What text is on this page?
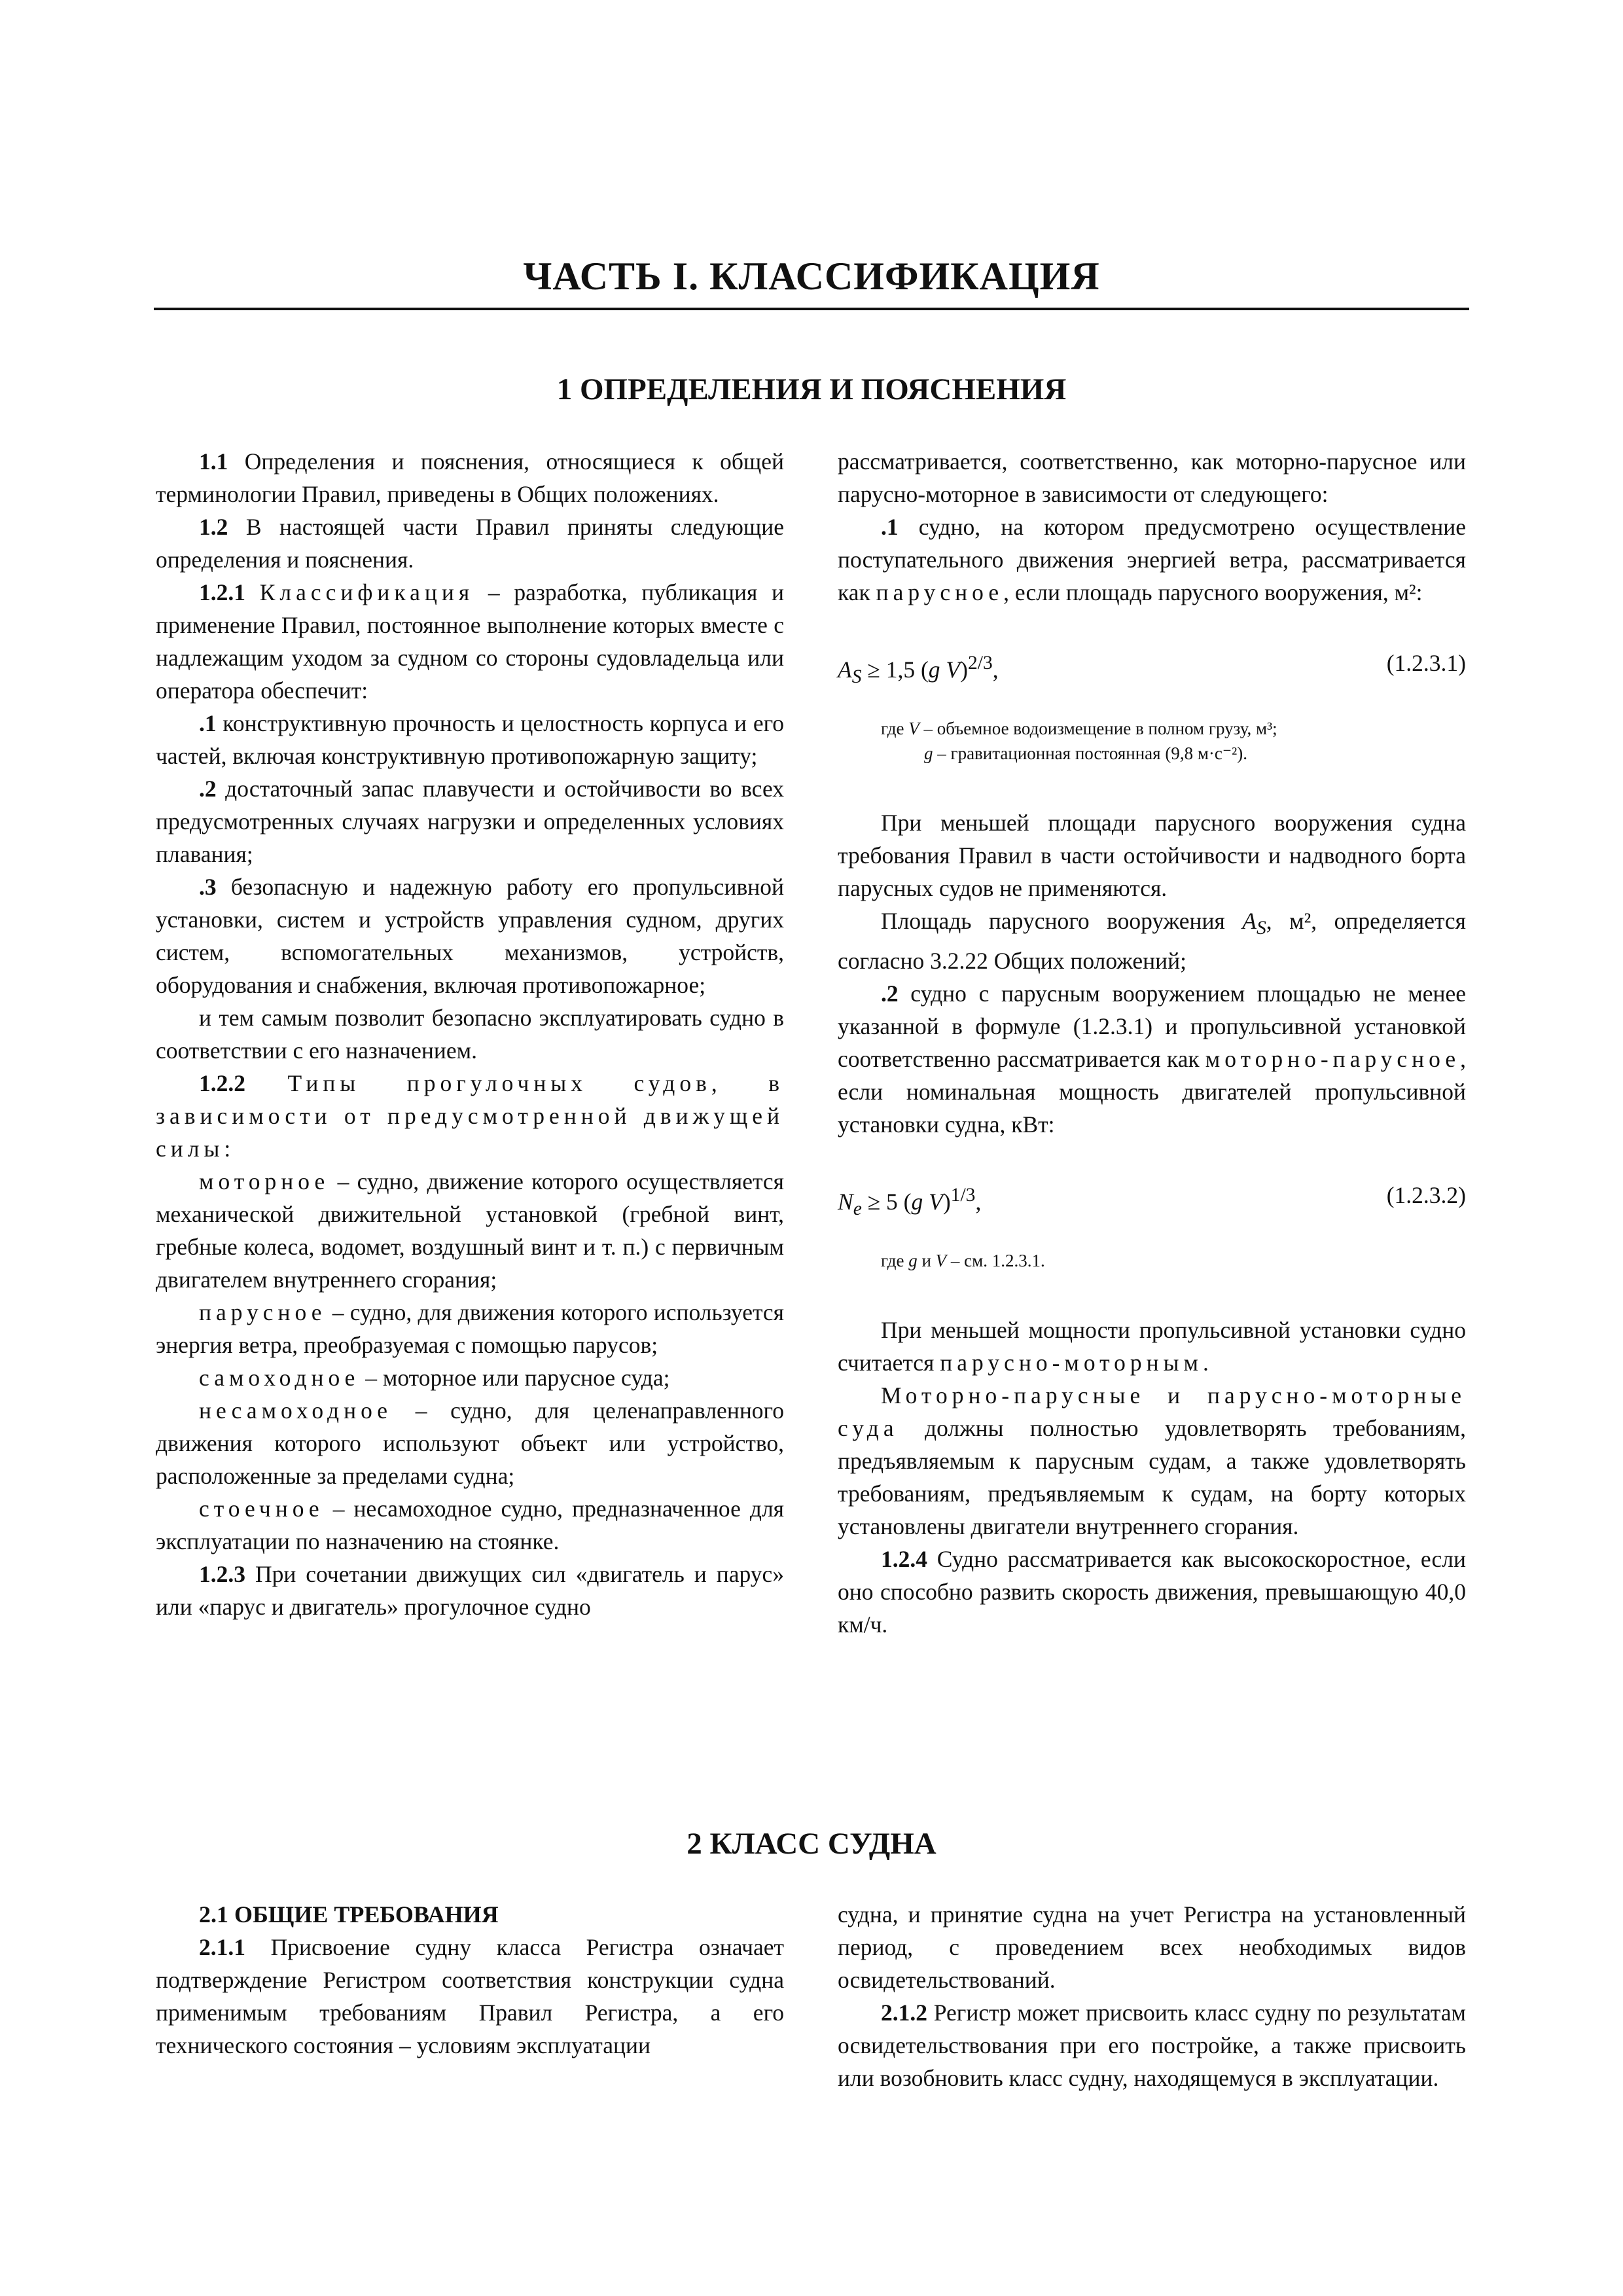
ЧАСТЬ I. КЛАССИФИКАЦИЯ
1 ОПРЕДЕЛЕНИЯ И ПОЯСНЕНИЯ

1.1 Определения и пояснения, относящиеся к общей терминологии Правил, приведены в Общих положениях.

1.2 В настоящей части Правил приняты следующие определения и пояснения.

1.2.1 Классификация – разработка, публикация и применение Правил, постоянное выполнение которых вместе с надлежащим уходом за судном со стороны судовладельца или оператора обеспечит:

.1 конструктивную прочность и целостность корпуса и его частей, включая конструктивную противопожарную защиту;

.2 достаточный запас плавучести и остойчивости во всех предусмотренных случаях нагрузки и определенных условиях плавания;

.3 безопасную и надежную работу его пропульсивной установки, систем и устройств управления судном, других систем, вспомогательных механизмов, устройств, оборудования и снабжения, включая противопожарное;

и тем самым позволит безопасно эксплуатировать судно в соответствии с его назначением.

1.2.2 Типы прогулочных судов, в зависимости от предусмотренной движущей силы:

моторное – судно, движение которого осуществляется механической движительной установкой (гребной винт, гребные колеса, водомет, воздушный винт и т. п.) с первичным двигателем внутреннего сгорания;

парусное – судно, для движения которого используется энергия ветра, преобразуемая с помощью парусов;

самоходное – моторное или парусное суда;

несамоходное – судно, для целенаправленного движения которого используют объект или устройство, расположенные за пределами судна;

стоечное – несамоходное судно, предназначенное для эксплуатации по назначению на стоянке.

1.2.3 При сочетании движущих сил «двигатель и парус» или «парус и двигатель» прогулочное судно

рассматривается, соответственно, как моторно-парусное или парусно-моторное в зависимости от следующего:

.1 судно, на котором предусмотрено осуществление поступательного движения энергией ветра, рассматривается как парусное, если площадь парусного вооружения, м²:

$A_S \ge 1,5$ (g V)$^{2/3}$,	(1.2.3.1)

где V – объемное водоизмещение в полном грузу, м³;
g – гравитационная постоянная (9,8 м·с⁻²).

При меньшей площади парусного вооружения судна требования Правил в части остойчивости и надводного борта парусных судов не применяются.

Площадь парусного вооружения $A_S$, м², определяется согласно 3.2.22 Общих положений;

.2 судно с парусным вооружением площадью не менее указанной в формуле (1.2.3.1) и пропульсивной установкой соответственно рассматривается как моторно-парусное, если номинальная мощность двигателей пропульсивной установки судна, кВт:

$N_e \ge 5$ (g V)$^{1/3}$,	(1.2.3.2)

где g и V – см. 1.2.3.1.

При меньшей мощности пропульсивной установки судно считается парусно-моторным.

Моторно-парусные и парусно-моторные суда должны полностью удовлетворять требованиям, предъявляемым к парусным судам, а также удовлетворять требованиям, предъявляемым к судам, на борту которых установлены двигатели внутреннего сгорания.

1.2.4 Судно рассматривается как высокоскоростное, если оно способно развить скорость движения, превышающую 40,0 км/ч.

2 КЛАСС СУДНА

2.1 ОБЩИЕ ТРЕБОВАНИЯ

2.1.1 Присвоение судну класса Регистра означает подтверждение Регистром соответствия конструкции судна применимым требованиям Правил Регистра, а его технического состояния – условиям эксплуатации

судна, и принятие судна на учет Регистра на установленный период, с проведением всех необходимых видов освидетельствований.

2.1.2 Регистр может присвоить класс судну по результатам освидетельствования при его постройке, а также присвоить или возобновить класс судну, находящемуся в эксплуатации.
